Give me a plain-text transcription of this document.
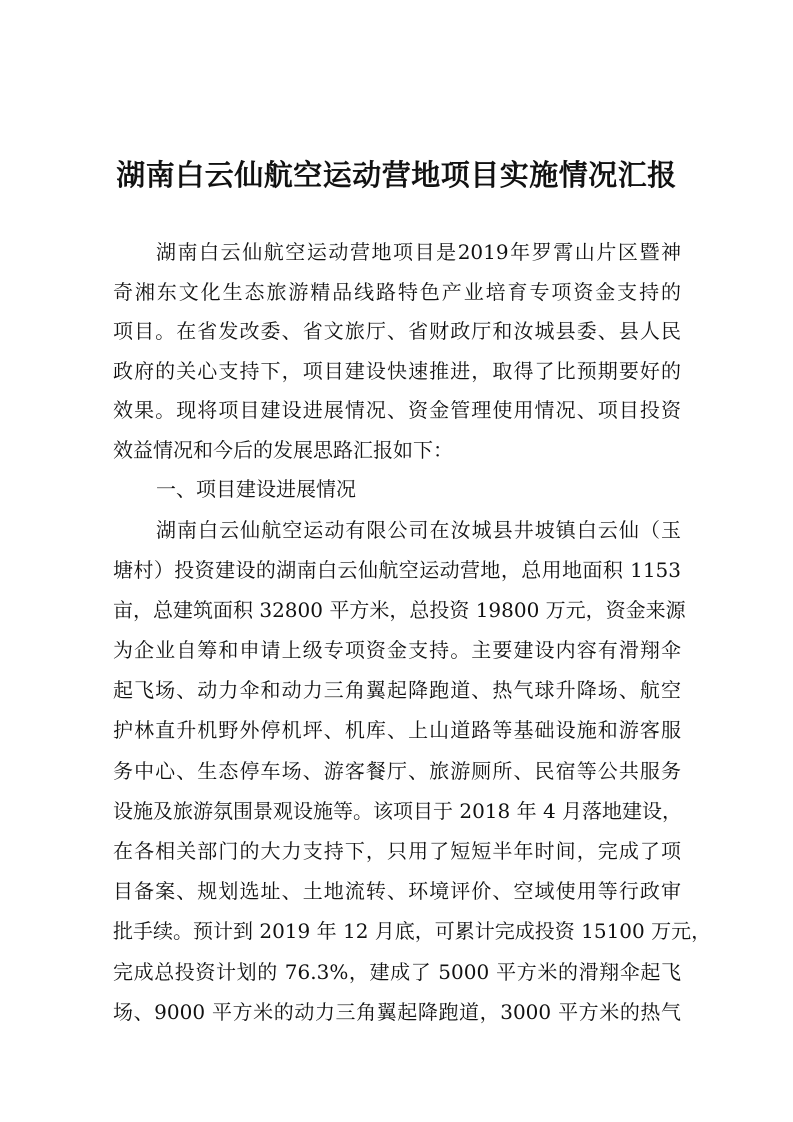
湖南白云仙航空运动营地项目实施情况汇报
湖南白云仙航空运动营地项目是2019年罗霄山片区暨神
奇湘东文化生态旅游精品线路特色产业培育专项资金支持的
项目。在省发改委、省文旅厅、省财政厅和汝城县委、县人民
政府的关心支持下，项目建设快速推进，取得了比预期要好的
效果。现将项目建设进展情况、资金管理使用情况、项目投资
效益情况和今后的发展思路汇报如下：
一、项目建设进展情况
湖南白云仙航空运动有限公司在汝城县井坡镇白云仙（玉
塘村）投资建设的湖南白云仙航空运动营地，总用地面积 1153
亩，总建筑面积 32800 平方米，总投资 19800 万元，资金来源
为企业自筹和申请上级专项资金支持。主要建设内容有滑翔伞
起飞场、动力伞和动力三角翼起降跑道、热气球升降场、航空
护林直升机野外停机坪、机库、上山道路等基础设施和游客服
务中心、生态停车场、游客餐厅、旅游厕所、民宿等公共服务
设施及旅游氛围景观设施等。该项目于 2018 年 4 月落地建设，
在各相关部门的大力支持下，只用了短短半年时间，完成了项
目备案、规划选址、土地流转、环境评价、空域使用等行政审
批手续。预计到 2019 年 12 月底，可累计完成投资 15100 万元，
完成总投资计划的 76.3%，建成了 5000 平方米的滑翔伞起飞
场、9000 平方米的动力三角翼起降跑道，3000 平方米的热气
